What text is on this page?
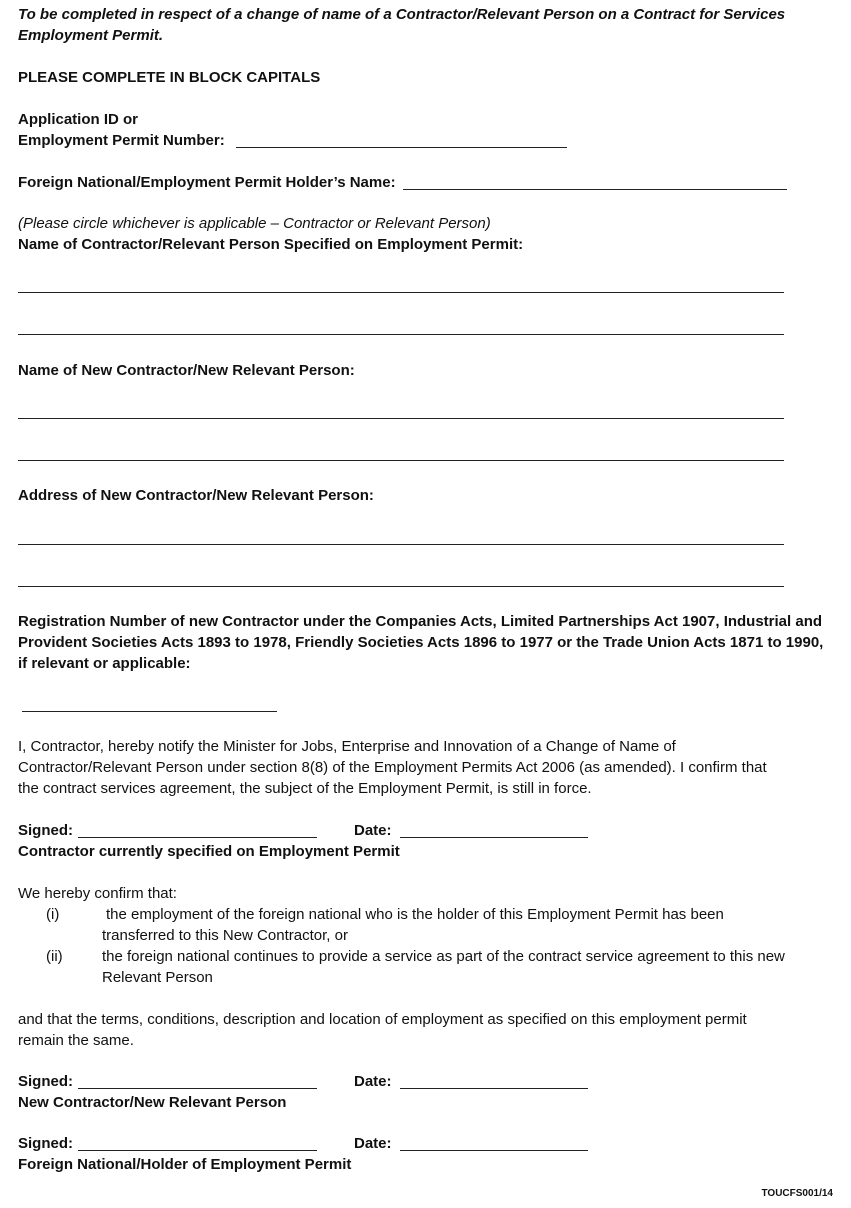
To be completed in respect of a change of name of a Contractor/Relevant Person on a Contract for Services
Employment Permit.
PLEASE COMPLETE IN BLOCK CAPITALS
Application ID or
Employment Permit Number:
Foreign National/Employment Permit Holder’s Name:
(Please circle whichever is applicable – Contractor or Relevant Person)
Name of Contractor/Relevant Person Specified on Employment Permit:
Name of New Contractor/New Relevant Person:
Address of New Contractor/New Relevant Person:
Registration Number of new Contractor under the Companies Acts, Limited Partnerships Act 1907, Industrial and
Provident Societies Acts 1893 to 1978, Friendly Societies Acts 1896 to 1977 or the Trade Union Acts 1871 to 1990,
if relevant or applicable:
I, Contractor, hereby notify the Minister for Jobs, Enterprise and Innovation of a Change of Name of
Contractor/Relevant Person under section 8(8) of the Employment Permits Act 2006 (as amended). I confirm that
the contract services agreement, the subject of the Employment Permit, is still in force.
Signed:	Date:
Contractor currently specified on Employment Permit
We hereby confirm that:
(i)	the employment of the foreign national who is the holder of this Employment Permit has been
transferred to this New Contractor, or
(ii)	the foreign national continues to provide a service as part of the contract service agreement to this new
Relevant Person
and that the terms, conditions, description and location of employment as specified on this employment permit
remain the same.
Signed:	Date:
New Contractor/New Relevant Person
Signed:	Date:
Foreign National/Holder of Employment Permit
TOUCFS001/14
